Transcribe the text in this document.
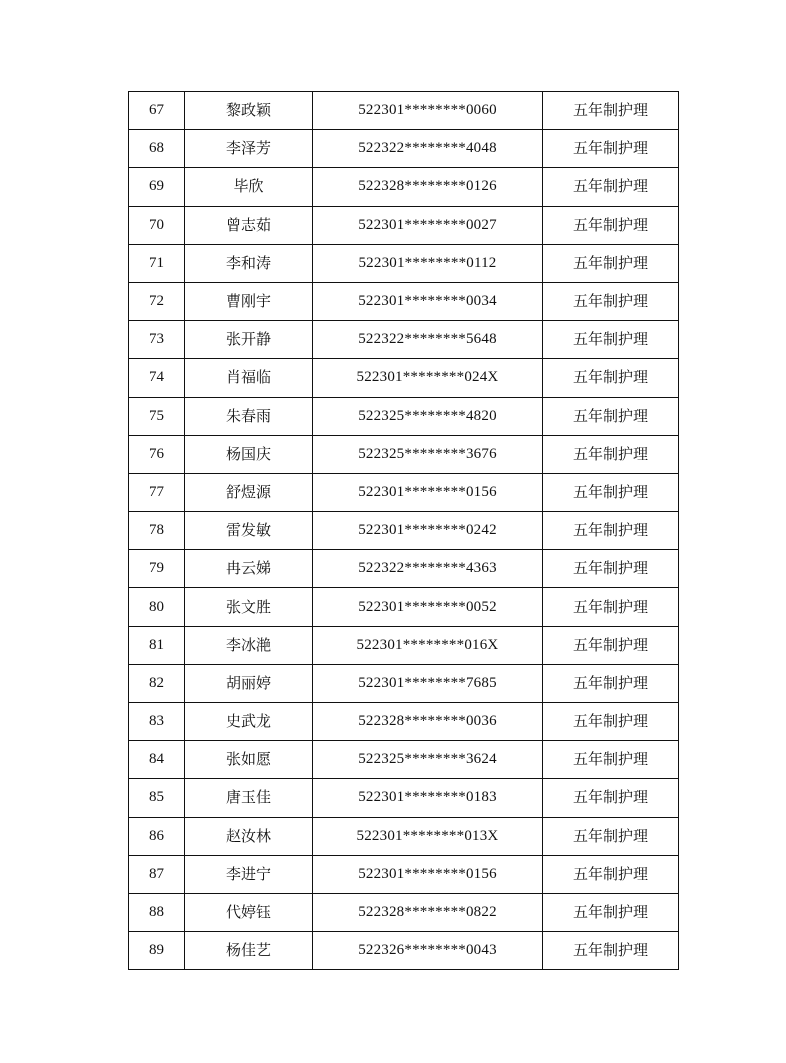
67	黎政颖	522301********0060	五年制护理
68	李泽芳	522322********4048	五年制护理
69	毕欣	522328********0126	五年制护理
70	曾志茹	522301********0027	五年制护理
71	李和涛	522301********0112	五年制护理
72	曹刚宇	522301********0034	五年制护理
73	张开静	522322********5648	五年制护理
74	肖福临	522301********024X	五年制护理
75	朱春雨	522325********4820	五年制护理
76	杨国庆	522325********3676	五年制护理
77	舒煜源	522301********0156	五年制护理
78	雷发敏	522301********0242	五年制护理
79	冉云娣	522322********4363	五年制护理
80	张文胜	522301********0052	五年制护理
81	李冰滟	522301********016X	五年制护理
82	胡丽婷	522301********7685	五年制护理
83	史武龙	522328********0036	五年制护理
84	张如愿	522325********3624	五年制护理
85	唐玉佳	522301********0183	五年制护理
86	赵汝林	522301********013X	五年制护理
87	李进宁	522301********0156	五年制护理
88	代婷钰	522328********0822	五年制护理
89	杨佳艺	522326********0043	五年制护理
